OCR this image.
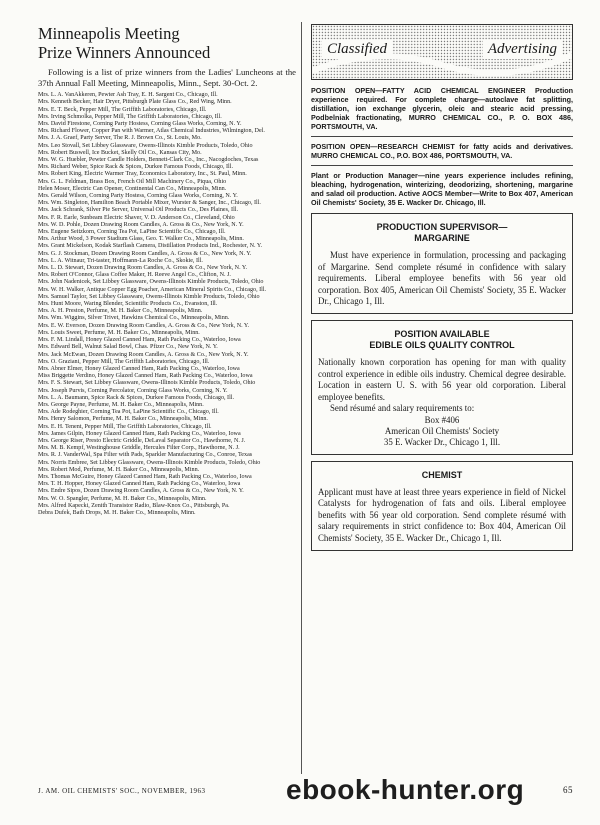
Minneapolis Meeting
Prize Winners Announced

Following is a list of prize winners from the Ladies' Luncheons at the 37th Annual Fall Meeting, Minneapolis, Minn., Sept. 30-Oct. 2.

Mrs. L. A. VanAkkeren, Pewter Ash Tray, E. H. Sargent Co., Chicago, Ill.

Mrs. Kenneth Becker, Hair Dryer, Pittsburgh Plate Glass Co., Red Wing, Minn.

Mrs. E. T. Beck, Pepper Mill, The Griffith Laboratories, Chicago, Ill.

Mrs. Irving Schmolka, Pepper Mill, The Griffith Laboratories, Chicago, Ill.

Mrs. David Firestone, Corning Party Hostess, Corning Glass Works, Corning, N. Y.

Mrs. Richard Flower, Copper Pan with Warmer, Atlas Chemical Industries, Wilmington, Del.

Mrs. J. A. Graef, Party Server, The R. J. Brown Co., St. Louis, Mo.

Mrs. Leo Stovall, Set Libbey Glassware, Owens-Illinois Kimble Products, Toledo, Ohio

Mrs. Robert Buswell, Ice Bucket, Skelly Oil Co., Kansas City, Mo.

Mrs. W. G. Huebler, Pewter Candle Holders, Bennett-Clark Co., Inc., Nacogdoches, Texas

Mrs. Richard Weber, Spice Rack & Spices, Durkee Famous Foods, Chicago, Ill.

Mrs. Robert King, Electric Warmer Tray, Economics Laboratory, Inc., St. Paul, Minn.

Mrs. G. L. Feldman, Brass Box, French Oil Mill Machinery Co., Piqua, Ohio

Helen Moser, Electric Can Opener, Continental Can Co., Minneapolis, Minn.

Mrs. Gerald Wilson, Corning Party Hostess, Corning Glass Works, Corning, N. Y.

Mrs. Wm. Singleton, Hamilton Beach Portable Mixer, Wurster & Sanger, Inc., Chicago, Ill.

Mrs. Jack Schrank, Silver Pie Server, Universal Oil Products Co., Des Plaines, Ill.

Mrs. F. R. Earle, Sunbeam Electric Shaver, V. D. Anderson Co., Cleveland, Ohio

Mrs. W. D. Pohle, Dozen Drawing Room Candles, A. Gross & Co., New York, N. Y.

Mrs. Eugene Seitzkorn, Corning Tea Pot, LaPine Scientific Co., Chicago, Ill.

Mrs. Arthur Wood, 3 Power Stadium Glass, Geo. T. Walker Co., Minneapolis, Minn.

Mrs. Grant Mickelson, Kodak Starflash Camera, Distillation Products Ind., Rochester, N. Y.

Mrs. G. J. Stockman, Dozen Drawing Room Candles, A. Gross & Co., New York, N. Y.

Mrs. L. A. Witnaur, Tri-taster, Hoffmann-La Roche Co., Skokie, Ill.

Mrs. L. D. Stewart, Dozen Drawing Room Candles, A. Gross & Co., New York, N. Y.

Mrs. Robert O'Connor, Glass Coffee Maker, H. Reeve Angel Co., Clifton, N. J.

Mrs. John Nadenicek, Set Libbey Glassware, Owens-Illinois Kimble Products, Toledo, Ohio

Mrs. W. H. Walker, Antique Copper Egg Poacher, American Mineral Spirits Co., Chicago, Ill.

Mrs. Samuel Taylor, Set Libbey Glassware, Owens-Illinois Kimble Products, Toledo, Ohio

Mrs. Hunt Moore, Waring Blender, Scientific Products Co., Evanston, Ill.

Mrs. A. H. Preston, Perfume, M. H. Baker Co., Minneapolis, Minn.

Mrs. Wm. Wiggins, Silver Trivet, Hawkins Chemical Co., Minneapolis, Minn.

Mrs. E. W. Everson, Dozen Drawing Room Candles, A. Gross & Co., New York, N. Y.

Mrs. Louis Sweet, Perfume, M. H. Baker Co., Minneapolis, Minn.

Mrs. F. M. Lindall, Honey Glazed Canned Ham, Rath Packing Co., Waterloo, Iowa

Mrs. Edward Bell, Walnut Salad Bowl, Chas. Pfizer Co., New York, N. Y.

Mrs. Jack McEwan, Dozen Drawing Room Candles, A. Gross & Co., New York, N. Y.

Mrs. O. Graziani, Pepper Mill, The Griffith Laboratories, Chicago, Ill.

Mrs. Abner Elmer, Honey Glazed Canned Ham, Rath Packing Co., Waterloo, Iowa

Miss Briggette Verdino, Honey Glazed Canned Ham, Rath Packing Co., Waterloo, Iowa

Mrs. F. S. Stewart, Set Libbey Glassware, Owens-Illinois Kimble Products, Toledo, Ohio

Mrs. Joseph Purvis, Corning Percolator, Corning Glass Works, Corning, N. Y.

Mrs. L. A. Baumann, Spice Rack & Spices, Durkee Famous Foods, Chicago, Ill.

Mrs. George Payne, Perfume, M. H. Baker Co., Minneapolis, Minn.

Mrs. Ade Rodeghier, Corning Tea Pot, LaPine Scientific Co., Chicago, Ill.

Mrs. Henry Salomon, Perfume, M. H. Baker Co., Minneapolis, Minn.

Mrs. E. H. Tenent, Pepper Mill, The Griffith Laboratories, Chicago, Ill.

Mrs. James Gilpin, Honey Glazed Canned Ham, Rath Packing Co., Waterloo, Iowa

Mrs. George Riser, Presto Electric Griddle, DeLaval Separator Co., Hawthorne, N. J.

Mrs. M. B. Kempf, Westinghouse Griddle, Hercules Filter Corp., Hawthorne, N. J.

Mrs. R. J. VanderWal, Spa Filter with Pads, Sparkler Manufacturing Co., Conroe, Texas

Mrs. Norris Embree, Set Libbey Glassware, Owens-Illinois Kimble Products, Toledo, Ohio

Mrs. Robert Mod, Perfume, M. H. Baker Co., Minneapolis, Minn.

Mrs. Thomas McGuire, Honey Glazed Canned Ham, Rath Packing Co., Waterloo, Iowa

Mrs. T. H. Hopper, Honey Glazed Canned Ham, Rath Packing Co., Waterloo, Iowa

Mrs. Endre Sipos, Dozen Drawing Room Candles, A. Gross & Co., New York, N. Y.

Mrs. W. O. Spangler, Perfume, M. H. Baker Co., Minneapolis, Minn.

Mrs. Alfred Kapecki, Zenith Transistor Radio, Blaw-Knox Co., Pittsburgh, Pa.

Debra Dufek, Bath Drops, M. H. Baker Co., Minneapolis, Minn.

Classified	Advertising

POSITION OPEN—FATTY ACID CHEMICAL ENGINEER Production experience required. For complete charge—autoclave fat splitting, distillation, ion exchange glycerin, oleic and stearic acid pressing, Podbelniak fractionating, MURRO CHEMICAL CO., P. O. BOX 486, PORTSMOUTH, VA.

POSITION OPEN—RESEARCH CHEMIST for fatty acids and derivatives. MURRO CHEMICAL CO., P.O. BOX 486, PORTSMOUTH, VA.

Plant or Production Manager—nine years experience includes refining, bleaching, hydrogenation, winterizing, deodorizing, shortening, margarine and salad oil production. Active AOCS Member—Write to Box 407, American Oil Chemists' Society, 35 E. Wacker Dr. Chicago, Ill.

PRODUCTION SUPERVISOR—
MARGARINE

Must have experience in formulation, processing and packaging of Margarine. Send complete résumé in confidence with salary requirements. Liberal employee benefits with 56 year old corporation. Box 405, American Oil Chemists' Society, 35 E. Wacker Dr., Chicago 1, Ill.

POSITION AVAILABLE
EDIBLE OILS QUALITY CONTROL

Nationally known corporation has opening for man with quality control experience in edible oils industry. Chemical degree desirable. Location in eastern U. S. with 56 year old corporation. Liberal employee benefits.

Send résumé and salary requirements to:

Box #406

American Oil Chemists' Society

35 E. Wacker Dr., Chicago 1, Ill.

CHEMIST

Applicant must have at least three years experience in field of Nickel Catalysts for hydrogenation of fats and oils. Liberal employee benefits with 56 year old corporation. Send complete résumé with salary requirements in strict confidence to: Box 404, American Oil Chemists' Society, 35 E. Wacker Dr., Chicago 1, Ill.

J. AM. OIL CHEMISTS' SOC., NOVEMBER, 1963	65
ebook-hunter.org
